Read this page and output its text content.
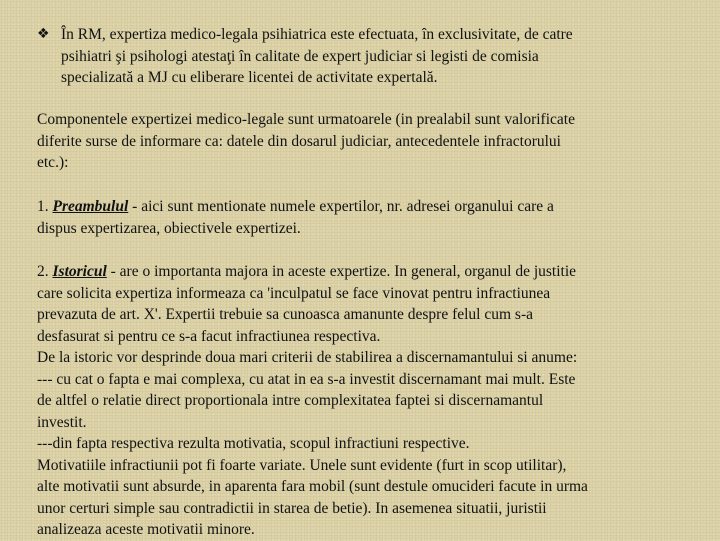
❖ În RM, expertiza medico-legala psihiatrica este efectuata, în exclusivitate, de catre
psihiatri şi psihologi atestaţi în calitate de expert judiciar si legisti de comisia
specializată a MJ cu eliberare licentei de activitate expertală.
Componentele expertizei medico-legale sunt urmatoarele (in prealabil sunt valorificate
diferite surse de informare ca: datele din dosarul judiciar, antecedentele infractorului
etc.):
1. Preambulul - aici sunt mentionate numele expertilor, nr. adresei organului care a
dispus expertizarea, obiectivele expertizei.
2. Istoricul - are o importanta majora in aceste expertize. In general, organul de justitie
care solicita expertiza informeaza ca 'inculpatul se face vinovat pentru infractiunea
prevazuta de art. X'. Expertii trebuie sa cunoasca amanunte despre felul cum s-a
desfasurat si pentru ce s-a facut infractiunea respectiva.
De la istoric vor desprinde doua mari criterii de stabilirea a discernamantului si anume:
--- cu cat o fapta e mai complexa, cu atat in ea s-a investit discernamant mai mult. Este
de altfel o relatie direct proportionala intre complexitatea faptei si discernamantul
investit.
---din fapta respectiva rezulta motivatia, scopul infractiuni respective.
Motivatiile infractiunii pot fi foarte variate. Unele sunt evidente (furt in scop utilitar),
alte motivatii sunt absurde, in aparenta fara mobil (sunt destule omucideri facute in urma
unor certuri simple sau contradictii in starea de betie). In asemenea situatii, juristii
analizeaza aceste motivatii minore.
